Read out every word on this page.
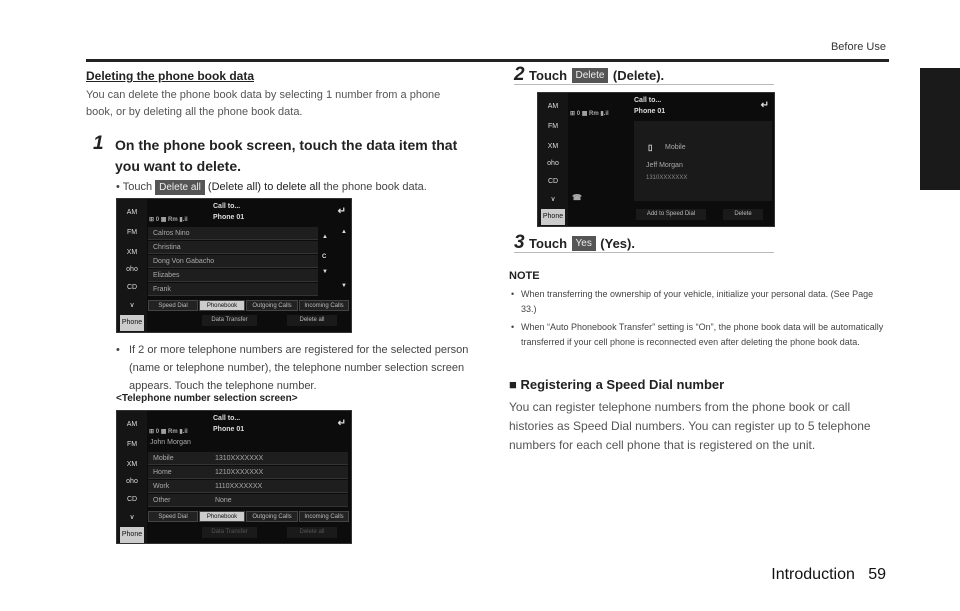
Before Use
Deleting the phone book data
You can delete the phone book data by selecting 1 number from a phone book, or by deleting all the phone book data.
1 On the phone book screen, touch the data item that you want to delete.
• Touch Delete all (Delete all) to delete all the phone book data.
AM
FM
XM
oho
CD
∨
Phone
⊞ 0 ▦ Rm ▮.il
Call to...
Phone 01
↵
Calros Nino
Christina
Dong Von Gabacho
Elizabes
Frank
▲
C
▼
▲
▼
Speed Dial	Phonebook	Outgoing Calls	Incoming Calls
Data Transfer	Delete all
• If 2 or more telephone numbers are registered for the selected person (name or telephone number), the telephone number selection screen appears. Touch the telephone number.
<Telephone number selection screen>
AM
FM
XM
oho
CD
∨
Phone
⊞ 0 ▦ Rm ▮.il
Call to...
Phone 01
↵
John Morgan
Mobile	1310XXXXXXX
Home	1210XXXXXXX
Work	1110XXXXXXX
Other	None
Speed Dial	Phonebook	Outgoing Calls	Incoming Calls
Data Transfer	Delete all
2 Touch Delete (Delete).
AM
FM
XM
oho
CD
∨
Phone
⊞ 0 ▦ Rm ▮.il
Call to...
Phone 01
↵
▯ Mobile
Jeff Morgan
1310XXXXXXX
☎
Add to Speed Dial	Delete
3 Touch Yes (Yes).
NOTE
• When transferring the ownership of your vehicle, initialize your personal data. (See Page 33.)
• When “Auto Phonebook Transfer” setting is “On”, the phone book data will be automatically transferred if your cell phone is reconnected even after deleting the phone book data.
■ Registering a Speed Dial number
You can register telephone numbers from the phone book or call histories as Speed Dial numbers. You can register up to 5 telephone numbers for each cell phone that is registered on the unit.
Introduction 59
